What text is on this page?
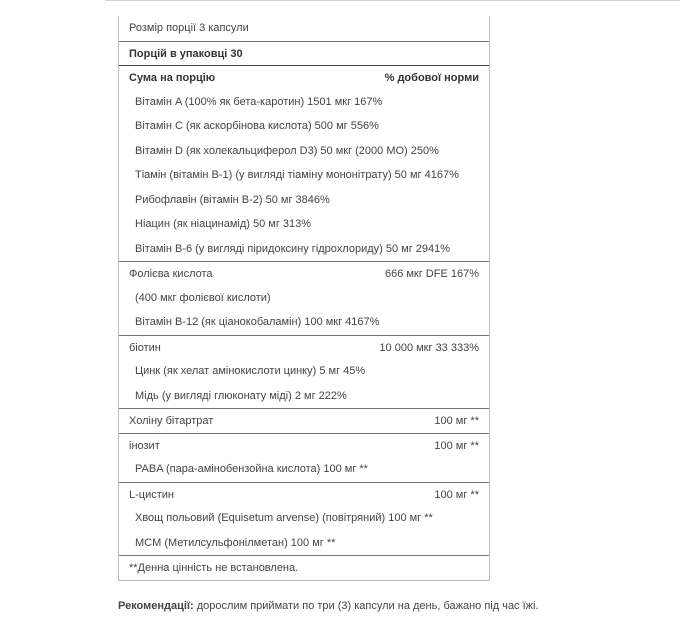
Розмір порції 3 капсули
Порцій в упаковці 30
Сума на порцію	% добової норми
Вітамін A (100% як бета-каротин) 1501 мкг 167%
Вітамін C (як аскорбінова кислота) 500 мг 556%
Вітамін D (як холекальциферол D3) 50 мкг (2000 МО) 250%
Тіамін (вітамін B-1) (у вигляді тіаміну мононітрату) 50 мг 4167%
Рибофлавін (вітамін B-2) 50 мг 3846%
Ніацин (як ніацинамід) 50 мг 313%
Вітамін B-6 (у вигляді піридоксину гідрохлориду) 50 мг 2941%
Фолієва кислота	666 мкг DFE 167%
(400 мкг фолієвої кислоти)
Вітамін B-12 (як ціанокобаламін) 100 мкг 4167%
біотин	10 000 мкг 33 333%
Цинк (як хелат амінокислоти цинку) 5 мг 45%
Мідь (у вигляді глюконату міді) 2 мг 222%
Холіну бітартрат	100 мг **
інозит	100 мг **
PABA (пара-амінобензойна кислота) 100 мг **
L-цистин	100 мг **
Хвощ польовий (Equisetum arvense) (повітряний) 100 мг **
MCM (Метилсульфонілметан) 100 мг **
**Денна цінність не встановлена.
Рекомендації: дорослим приймати по три (3) капсули на день, бажано під час їжі.
